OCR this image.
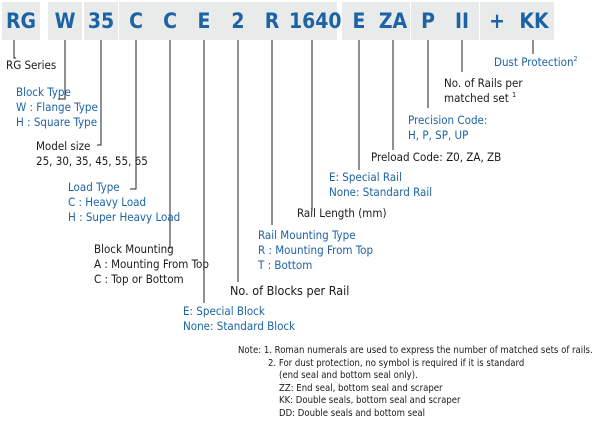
RG W 35 C C E 2 R 1640 E ZA P II + KK
RG Series
Block Type
W : Flange Type
H : Square Type
Model size
25, 30, 35, 45, 55, 65
Load Type
C : Heavy Load
H : Super Heavy Load
Block Mounting
A : Mounting From Top
C : Top or Bottom
E: Special Block
None: Standard Block
No. of Blocks per Rail
Rail Mounting Type
R : Mounting From Top
T : Bottom
Rail Length (mm)
E: Special Rail
None: Standard Rail
Preload Code: Z0, ZA, ZB
Precision Code:
H, P, SP, UP
No. of Rails per
matched set $^1$
Dust Protection$^2$
Note: 1. Roman numerals are used to express the number of matched sets of rails.
2. For dust protection, no symbol is required if it is standard
(end seal and bottom seal only).
ZZ: End seal, bottom seal and scraper
KK: Double seals, bottom seal and scraper
DD: Double seals and bottom seal
